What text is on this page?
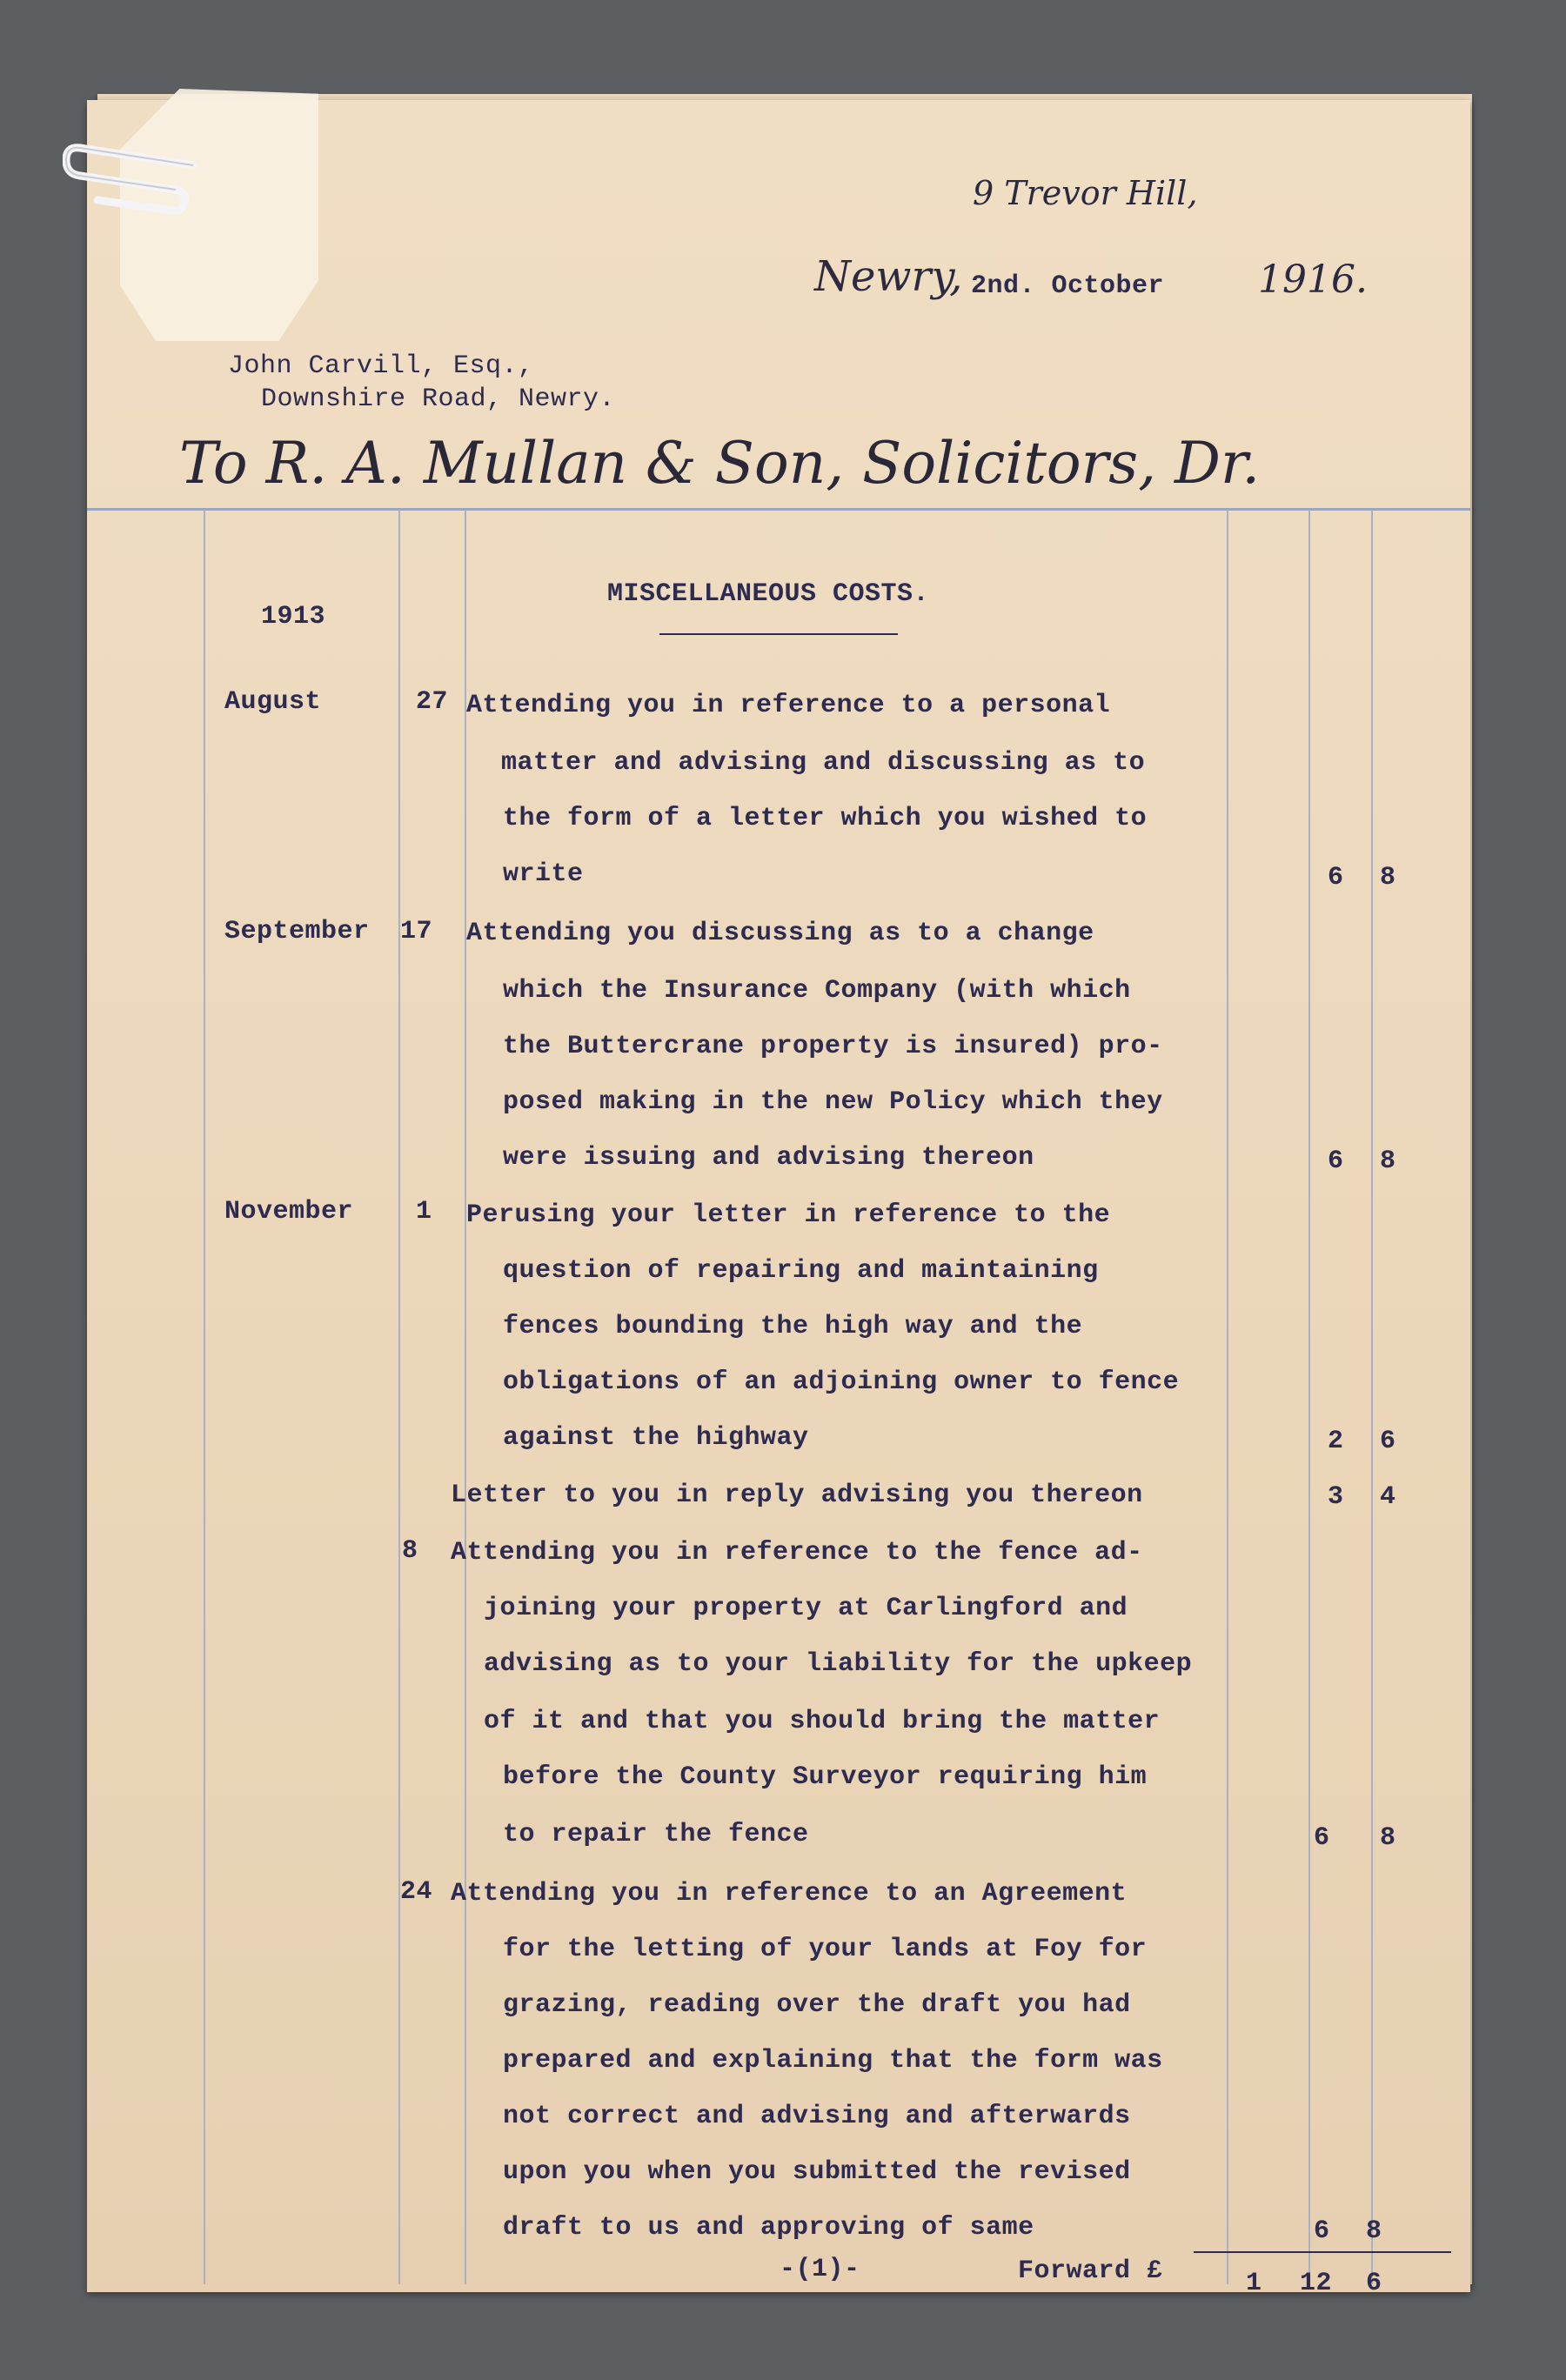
9 Trevor Hill,
Newry, 2nd. October 1916.
John Carvill, Esq.,
Downshire Road, Newry.
To R. A. Mullan & Son, Solicitors, Dr.
MISCELLANEOUS COSTS.
1913
August	27 Attending you in reference to a personal
matter and advising and discussing as to
the form of a letter which you wished to
write	6 8
September 17 Attending you discussing as to a change
which the Insurance Company (with which
the Buttercrane property is insured) pro-
posed making in the new Policy which they
were issuing and advising thereon	6 8
November 1 Perusing your letter in reference to the
question of repairing and maintaining
fences bounding the high way and the
obligations of an adjoining owner to fence
against the highway	2 6
Letter to you in reply advising you thereon	3 4
8 Attending you in reference to the fence ad-
joining your property at Carlingford and
advising as to your liability for the upkeep
of it and that you should bring the matter
before the County Surveyor requiring him
to repair the fence	6 8
24 Attending you in reference to an Agreement
for the letting of your lands at Foy for
grazing, reading over the draft you had
prepared and explaining that the form was
not correct and advising and afterwards
upon you when you submitted the revised
draft to us and approving of same	6 8
-(1)-	Forward £	1 12 6
